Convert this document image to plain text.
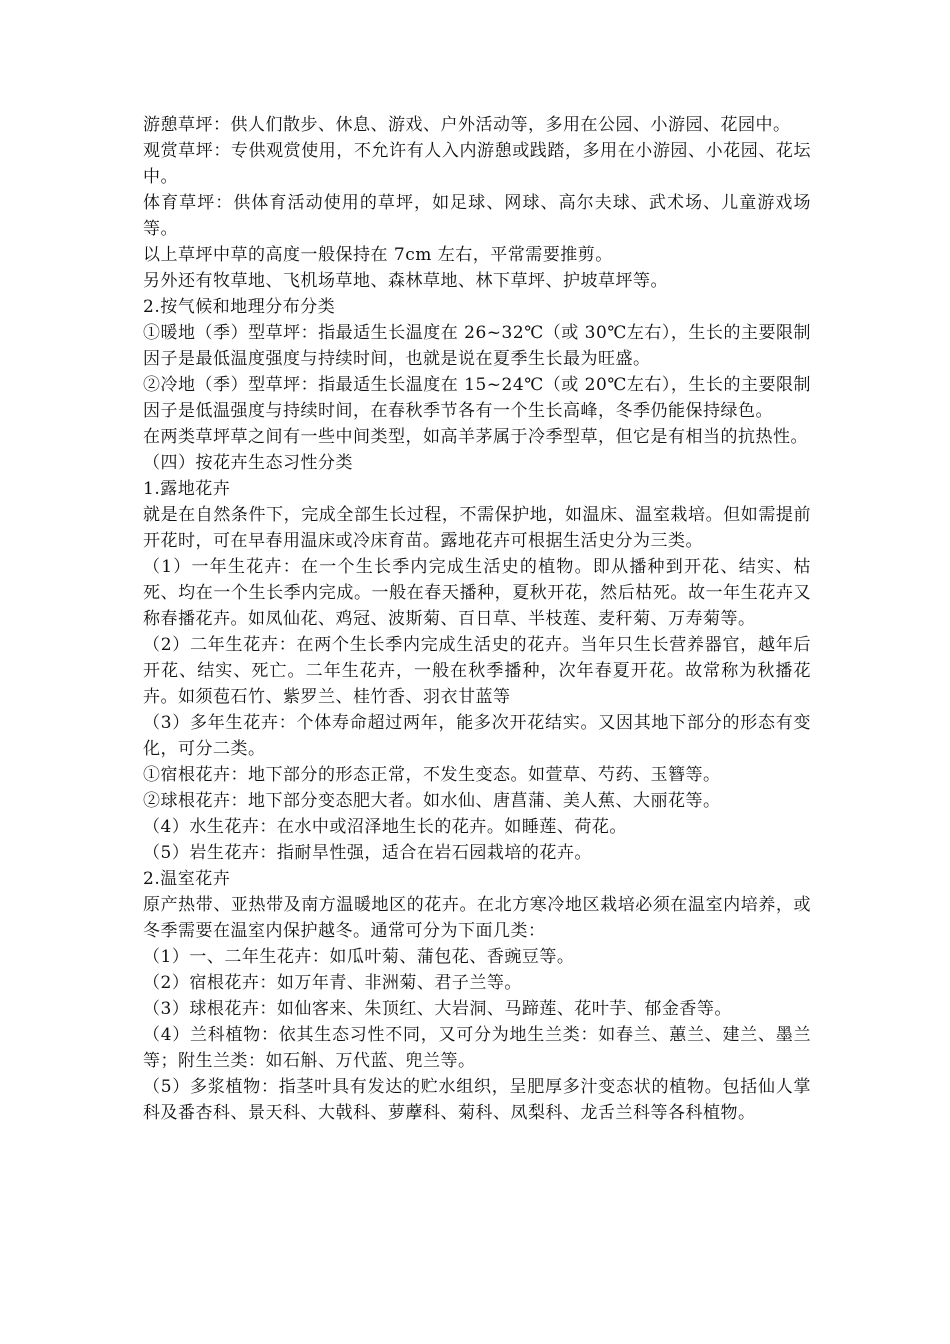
游憩草坪：供人们散步、休息、游戏、户外活动等，多用在公园、小游园、花园中。

观赏草坪：专供观赏使用，不允许有人入内游憩或践踏，多用在小游园、小花园、花坛中。

体育草坪：供体育活动使用的草坪，如足球、网球、高尔夫球、武术场、儿童游戏场等。

以上草坪中草的高度一般保持在 7cm 左右，平常需要推剪。

另外还有牧草地、飞机场草地、森林草地、林下草坪、护坡草坪等。

2.按气候和地理分布分类

①暖地（季）型草坪：指最适生长温度在 26~32℃（或 30℃左右），生长的主要限制因子是最低温度强度与持续时间，也就是说在夏季生长最为旺盛。

②冷地（季）型草坪：指最适生长温度在 15~24℃（或 20℃左右），生长的主要限制因子是低温强度与持续时间，在春秋季节各有一个生长高峰，冬季仍能保持绿色。

在两类草坪草之间有一些中间类型，如高羊茅属于冷季型草，但它是有相当的抗热性。

（四）按花卉生态习性分类

1.露地花卉

就是在自然条件下，完成全部生长过程，不需保护地，如温床、温室栽培。但如需提前开花时，可在早春用温床或冷床育苗。露地花卉可根据生活史分为三类。

（1）一年生花卉：在一个生长季内完成生活史的植物。即从播种到开花、结实、枯死、均在一个生长季内完成。一般在春天播种，夏秋开花，然后枯死。故一年生花卉又称春播花卉。如凤仙花、鸡冠、波斯菊、百日草、半枝莲、麦秆菊、万寿菊等。

（2）二年生花卉：在两个生长季内完成生活史的花卉。当年只生长营养器官，越年后开花、结实、死亡。二年生花卉，一般在秋季播种，次年春夏开花。故常称为秋播花卉。如须苞石竹、紫罗兰、桂竹香、羽衣甘蓝等

（3）多年生花卉：个体寿命超过两年，能多次开花结实。又因其地下部分的形态有变化，可分二类。

①宿根花卉：地下部分的形态正常，不发生变态。如萱草、芍药、玉簪等。

②球根花卉：地下部分变态肥大者。如水仙、唐菖蒲、美人蕉、大丽花等。

（4）水生花卉：在水中或沼泽地生长的花卉。如睡莲、荷花。

（5）岩生花卉：指耐旱性强，适合在岩石园栽培的花卉。

2.温室花卉

原产热带、亚热带及南方温暖地区的花卉。在北方寒冷地区栽培必须在温室内培养，或冬季需要在温室内保护越冬。通常可分为下面几类：

（1）一、二年生花卉：如瓜叶菊、蒲包花、香豌豆等。

（2）宿根花卉：如万年青、非洲菊、君子兰等。

（3）球根花卉：如仙客来、朱顶红、大岩洞、马蹄莲、花叶芋、郁金香等。

（4）兰科植物：依其生态习性不同，又可分为地生兰类：如春兰、蕙兰、建兰、墨兰等；附生兰类：如石斛、万代蓝、兜兰等。

（5）多浆植物：指茎叶具有发达的贮水组织，呈肥厚多汁变态状的植物。包括仙人掌科及番杏科、景天科、大戟科、萝藦科、菊科、凤梨科、龙舌兰科等各科植物。
